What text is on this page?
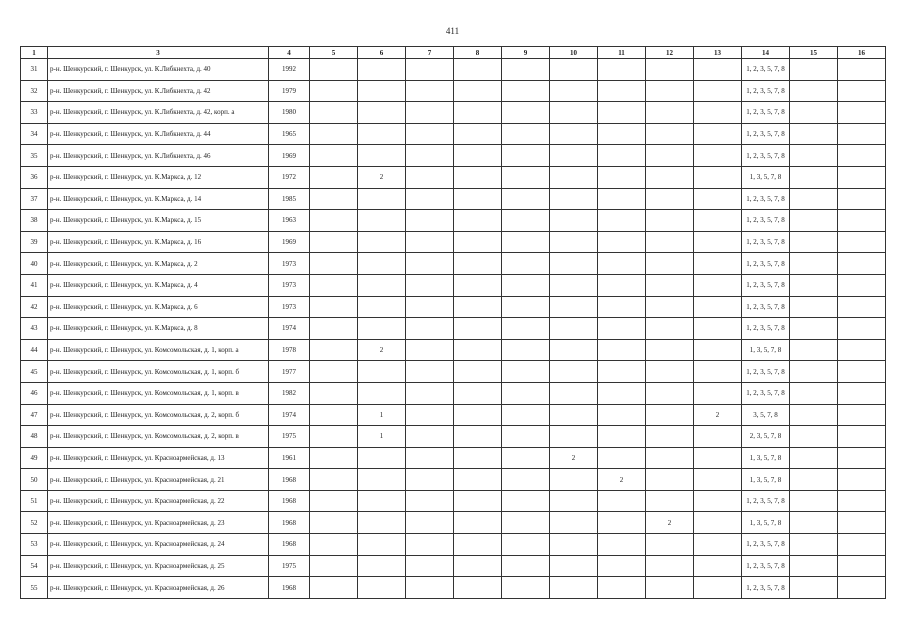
411
1	3	4	5	6	7	8	9	10	11	12	13	14	15	16
31	р-н. Шенкурский, г. Шенкурск, ул. К.Либкнехта, д. 40	1992										1, 2, 3, 5, 7, 8		
32	р-н. Шенкурский, г. Шенкурск, ул. К.Либкнехта, д. 42	1979										1, 2, 3, 5, 7, 8		
33	р-н. Шенкурский, г. Шенкурск, ул. К.Либкнехта, д. 42, корп. а	1980										1, 2, 3, 5, 7, 8		
34	р-н. Шенкурский, г. Шенкурск, ул. К.Либкнехта, д. 44	1965										1, 2, 3, 5, 7, 8		
35	р-н. Шенкурский, г. Шенкурск, ул. К.Либкнехта, д. 46	1969										1, 2, 3, 5, 7, 8		
36	р-н. Шенкурский, г. Шенкурск, ул. К.Маркса, д. 12	1972		2								1, 3, 5, 7, 8		
37	р-н. Шенкурский, г. Шенкурск, ул. К.Маркса, д. 14	1985										1, 2, 3, 5, 7, 8		
38	р-н. Шенкурский, г. Шенкурск, ул. К.Маркса, д. 15	1963										1, 2, 3, 5, 7, 8		
39	р-н. Шенкурский, г. Шенкурск, ул. К.Маркса, д. 16	1969										1, 2, 3, 5, 7, 8		
40	р-н. Шенкурский, г. Шенкурск, ул. К.Маркса, д. 2	1973										1, 2, 3, 5, 7, 8		
41	р-н. Шенкурский, г. Шенкурск, ул. К.Маркса, д. 4	1973										1, 2, 3, 5, 7, 8		
42	р-н. Шенкурский, г. Шенкурск, ул. К.Маркса, д. 6	1973										1, 2, 3, 5, 7, 8		
43	р-н. Шенкурский, г. Шенкурск, ул. К.Маркса, д. 8	1974										1, 2, 3, 5, 7, 8		
44	р-н. Шенкурский, г. Шенкурск, ул. Комсомольская, д. 1, корп. а	1978		2								1, 3, 5, 7, 8		
45	р-н. Шенкурский, г. Шенкурск, ул. Комсомольская, д. 1, корп. б	1977										1, 2, 3, 5, 7, 8		
46	р-н. Шенкурский, г. Шенкурск, ул. Комсомольская, д. 1, корп. в	1982										1, 2, 3, 5, 7, 8		
47	р-н. Шенкурский, г. Шенкурск, ул. Комсомольская, д. 2, корп. б	1974		1							2	3, 5, 7, 8		
48	р-н. Шенкурский, г. Шенкурск, ул. Комсомольская, д. 2, корп. в	1975		1								2, 3, 5, 7, 8		
49	р-н. Шенкурский, г. Шенкурск, ул. Красноармейская, д. 13	1961						2				1, 3, 5, 7, 8		
50	р-н. Шенкурский, г. Шенкурск, ул. Красноармейская, д. 21	1968							2			1, 3, 5, 7, 8		
51	р-н. Шенкурский, г. Шенкурск, ул. Красноармейская, д. 22	1968										1, 2, 3, 5, 7, 8		
52	р-н. Шенкурский, г. Шенкурск, ул. Красноармейская, д. 23	1968								2		1, 3, 5, 7, 8		
53	р-н. Шенкурский, г. Шенкурск, ул. Красноармейская, д. 24	1968										1, 2, 3, 5, 7, 8		
54	р-н. Шенкурский, г. Шенкурск, ул. Красноармейская, д. 25	1975										1, 2, 3, 5, 7, 8		
55	р-н. Шенкурский, г. Шенкурск, ул. Красноармейская, д. 26	1968										1, 2, 3, 5, 7, 8		
